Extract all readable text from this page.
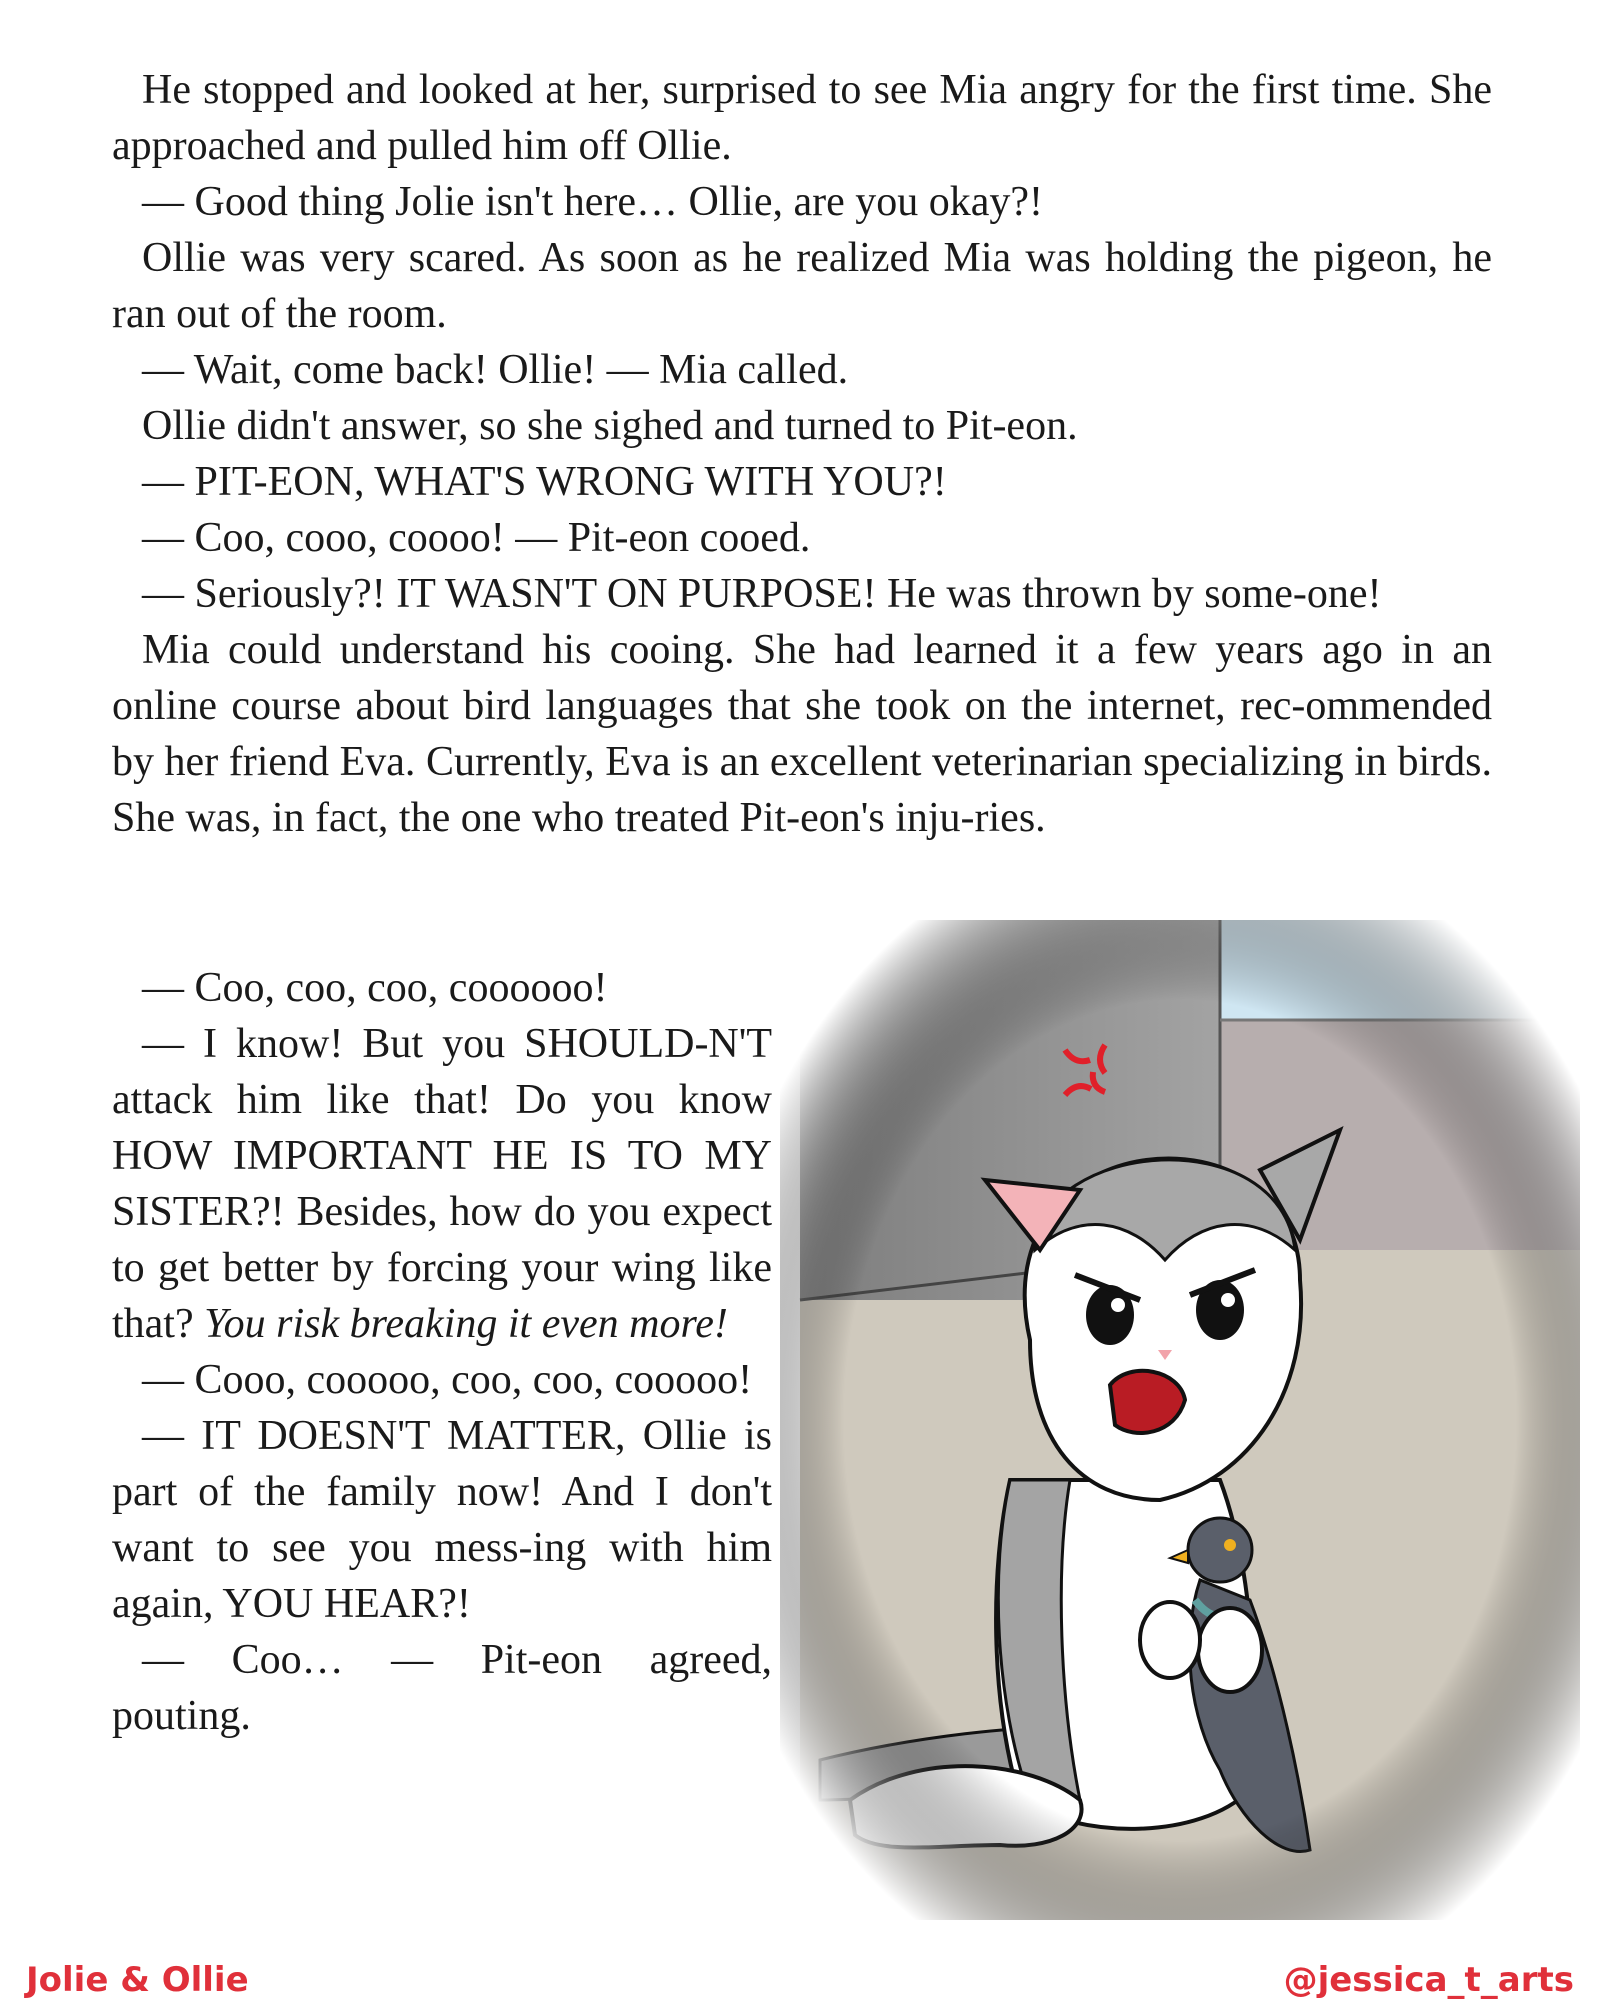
He stopped and looked at her, surprised to see Mia angry for the first time. She approached and pulled him off Ollie.

— Good thing Jolie isn't here… Ollie, are you okay?!

Ollie was very scared. As soon as he realized Mia was holding the pigeon, he ran out of the room.

— Wait, come back! Ollie! — Mia called.

Ollie didn't answer, so she sighed and turned to Pit-eon.

— PIT-EON, WHAT'S WRONG WITH YOU?!

— Coo, cooo, coooo! — Pit-eon cooed.

— Seriously?! IT WASN'T ON PURPOSE! He was thrown by some-one!

Mia could understand his cooing. She had learned it a few years ago in an online course about bird languages that she took on the internet, rec-ommended by her friend Eva. Currently, Eva is an excellent veterinarian specializing in birds. She was, in fact, the one who treated Pit-eon's inju-ries.

— Coo, coo, coo, coooooo!

— I know! But you SHOULD-N'T attack him like that! Do you know HOW IMPORTANT HE IS TO MY SISTER?! Besides, how do you expect to get better by forcing your wing like that? You risk breaking it even more!

— Cooo, cooooo, coo, coo, cooooo!

— IT DOESN'T MATTER, Ollie is part of the family now! And I don't want to see you mess-ing with him again, YOU HEAR?!

— Coo… — Pit-eon agreed, pouting.

Jolie & Ollie	@jessica_t_arts
